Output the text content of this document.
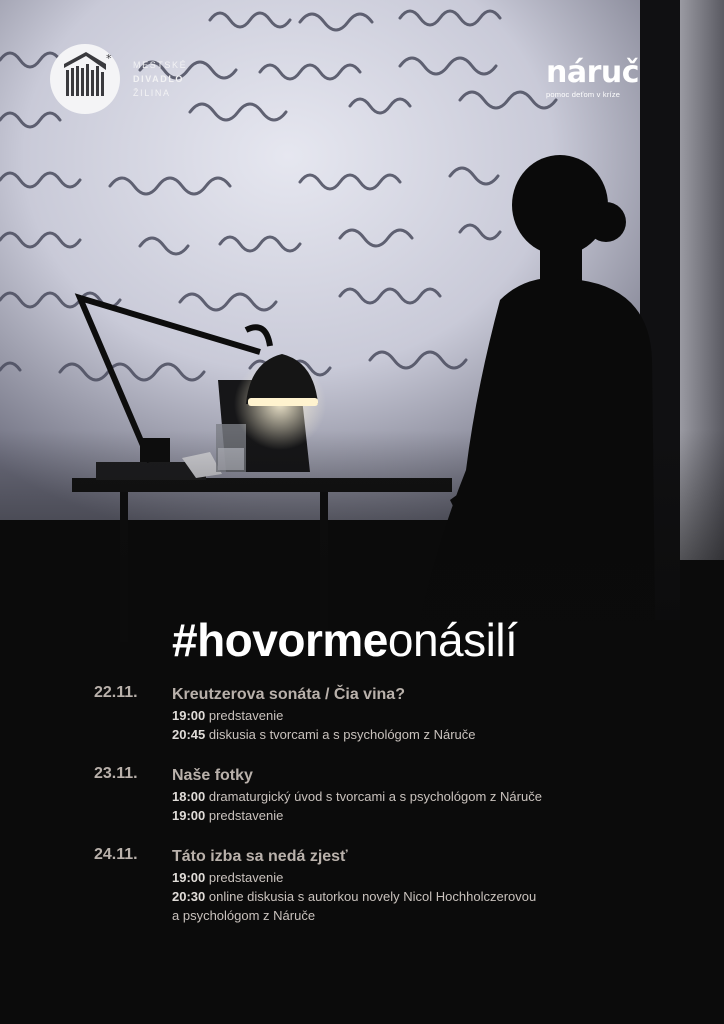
* MESTSKÉ
DIVADLO
ŽILINA
náruč
pomoc deťom v kríze
#hovormeonásilí
22.11. Kreutzerova sonáta / Čia vina?
19:00 predstavenie
20:45 diskusia s tvorcami a s psychológom z Náruče
23.11. Naše fotky
18:00 dramaturgický úvod s tvorcami a s psychológom z Náruče
19:00 predstavenie
24.11. Táto izba sa nedá zjesť
19:00 predstavenie
20:30 online diskusia s autorkou novely Nicol Hochholczerovou
a psychológom z Náruče
